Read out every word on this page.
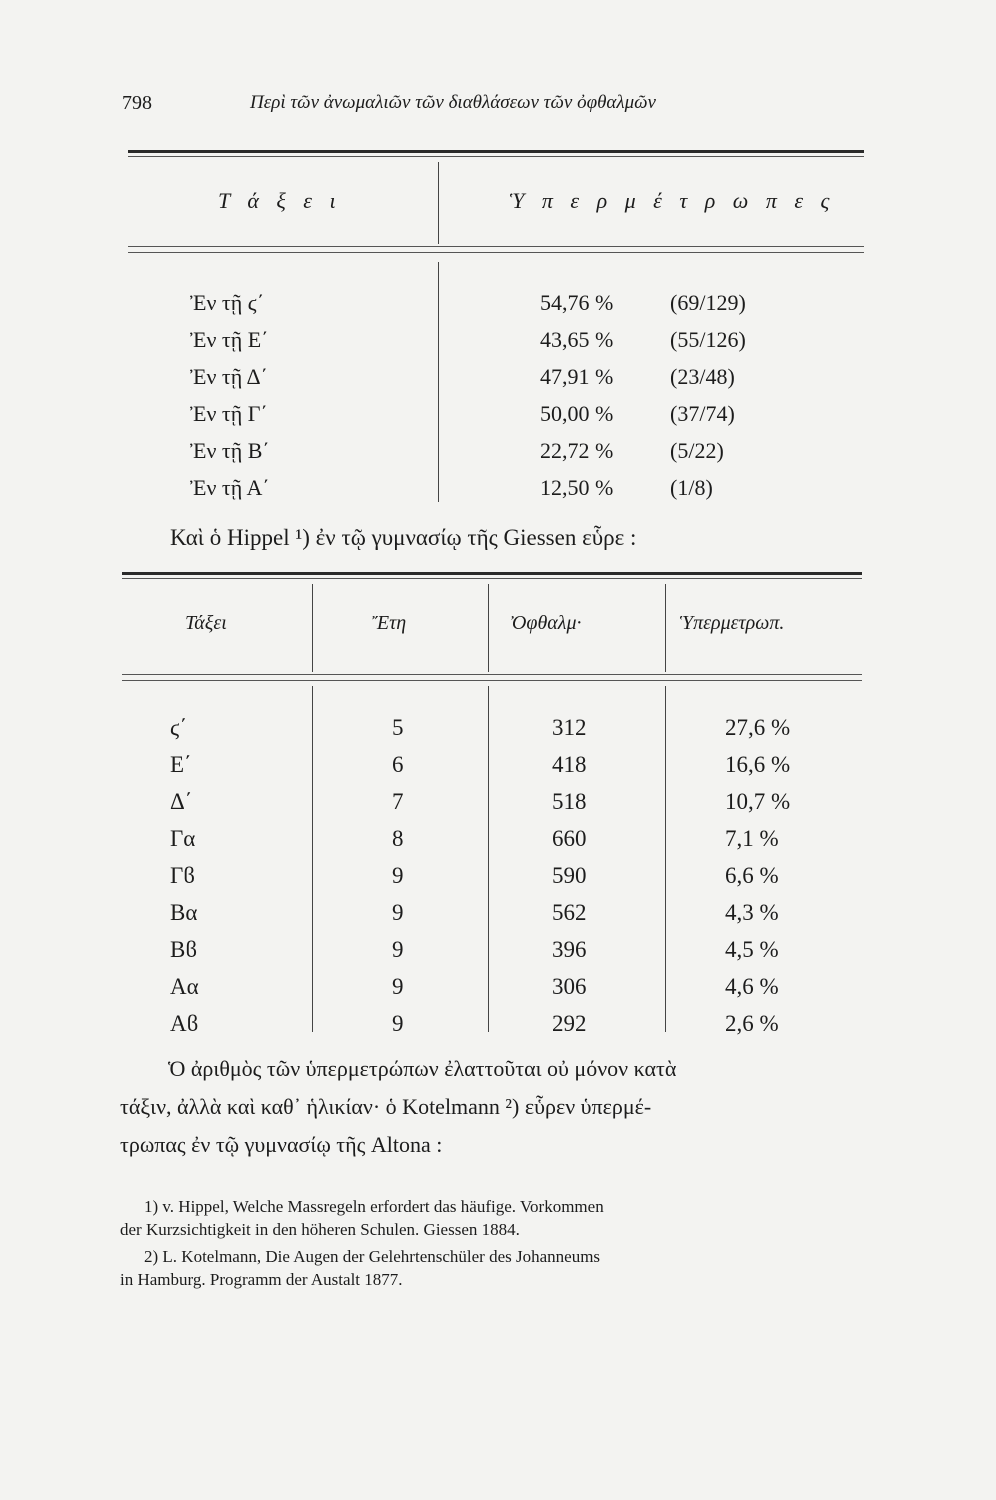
798	Περὶ τῶν ἀνωμαλιῶν τῶν διαθλάσεων τῶν ὀφθαλμῶν
Τ ά ξ ε ι	Ὑ π ε ρ μ έ τ ρ ω π ε ς
Ἐν τῇ ϛ΄	54,76 %	(69/129)
Ἐν τῇ Ε΄	43,65 %	(55/126)
Ἐν τῇ Δ΄	47,91 %	(23/48)
Ἐν τῇ Γ΄	50,00 %	(37/74)
Ἐν τῇ Β΄	22,72 %	(5/22)
Ἐν τῇ Α΄	12,50 %	(1/8)
Καὶ ὁ Hippel ¹) ἐν τῷ γυμνασίῳ τῆς Giessen εὗρε :
Τάξει	Ἔτη	Ὀφθαλμ·	Ὑπερμετρωπ.
ϛ΄	5	312	27,6 %
Ε΄	6	418	16,6 %
Δ΄	7	518	10,7 %
Γα	8	660	7,1 %
Γϐ	9	590	6,6 %
Βα	9	562	4,3 %
Βϐ	9	396	4,5 %
Αα	9	306	4,6 %
Αϐ	9	292	2,6 %

Ὁ ἀριθμὸς τῶν ὑπερμετρώπων ἐλαττοῦται οὐ μόνον κατὰ

τάξιν, ἀλλὰ καὶ καθ᾽ ἡλικίαν· ὁ Kotelmann ²) εὗρεν ὑπερμέ-

τρωπας ἐν τῷ γυμνασίῳ τῆς Altona :

1) v. Hippel, Welche Massregeln erfordert das häufige. Vorkommen

der Kurzsichtigkeit in den höheren Schulen. Giessen 1884.

2) L. Kotelmann, Die Augen der Gelehrtenschüler des Johanneums

in Hamburg. Programm der Austalt 1877.
